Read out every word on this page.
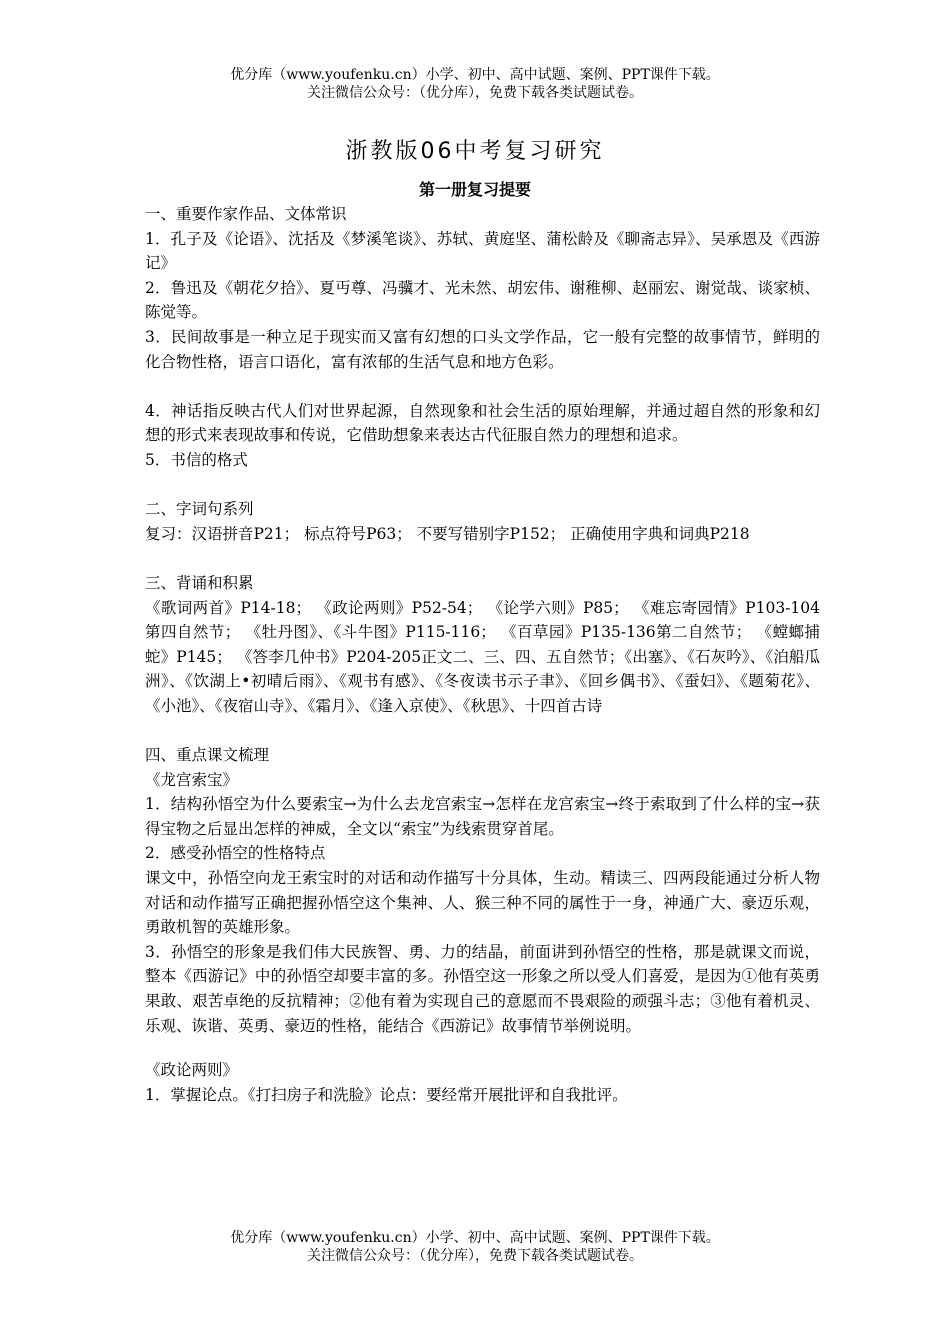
优分库（www.youfenku.cn）小学、初中、高中试题、案例、PPT课件下载。

关注微信公众号：（优分库），免费下载各类试题试卷。

浙教版06中考复习研究
第一册复习提要

一、重要作家作品、文体常识

1．孔子及《论语》、沈括及《梦溪笔谈》、苏轼、黄庭坚、蒲松龄及《聊斋志异》、吴承恩及《西游记》

2．鲁迅及《朝花夕拾》、夏丏尊、冯骥才、光未然、胡宏伟、谢稚柳、赵丽宏、谢觉哉、谈家桢、陈觉等。

3．民间故事是一种立足于现实而又富有幻想的口头文学作品，它一般有完整的故事情节，鲜明的化合物性格，语言口语化，富有浓郁的生活气息和地方色彩。

4．神话指反映古代人们对世界起源，自然现象和社会生活的原始理解，并通过超自然的形象和幻想的形式来表现故事和传说，它借助想象来表达古代征服自然力的理想和追求。

5．书信的格式

二、字词句系列

复习：汉语拼音P21； 标点符号P63； 不要写错别字P152； 正确使用字典和词典P218

三、背诵和积累

《歌词两首》P14-18； 《政论两则》P52-54； 《论学六则》P85； 《难忘寄园情》P103-104第四自然节； 《牡丹图》、《斗牛图》P115-116； 《百草园》P135-136第二自然节； 《螳螂捕蛇》P145； 《答李几仲书》P204-205正文二、三、四、五自然节；《出塞》、《石灰吟》、《泊船瓜洲》、《饮湖上•初晴后雨》、《观书有感》、《冬夜读书示子聿》、《回乡偶书》、《蚕妇》、《题菊花》、《小池》、《夜宿山寺》、《霜月》、《逢入京使》、《秋思》、十四首古诗

四、重点课文梳理

《龙宫索宝》

1．结构孙悟空为什么要索宝→为什么去龙宫索宝→怎样在龙宫索宝→终于索取到了什么样的宝→获得宝物之后显出怎样的神威，全文以“索宝”为线索贯穿首尾。

2．感受孙悟空的性格特点

课文中，孙悟空向龙王索宝时的对话和动作描写十分具体，生动。精读三、四两段能通过分析人物对话和动作描写正确把握孙悟空这个集神、人、猴三种不同的属性于一身，神通广大、豪迈乐观，勇敢机智的英雄形象。

3．孙悟空的形象是我们伟大民族智、勇、力的结晶，前面讲到孙悟空的性格，那是就课文而说，整本《西游记》中的孙悟空却要丰富的多。孙悟空这一形象之所以受人们喜爱，是因为①他有英勇果敢、艰苦卓绝的反抗精神；②他有着为实现自己的意愿而不畏艰险的顽强斗志；③他有着机灵、乐观、诙谐、英勇、豪迈的性格，能结合《西游记》故事情节举例说明。

《政论两则》

1．掌握论点。《打扫房子和洗脸》论点：要经常开展批评和自我批评。

优分库（www.youfenku.cn）小学、初中、高中试题、案例、PPT课件下载。

关注微信公众号：（优分库），免费下载各类试题试卷。
